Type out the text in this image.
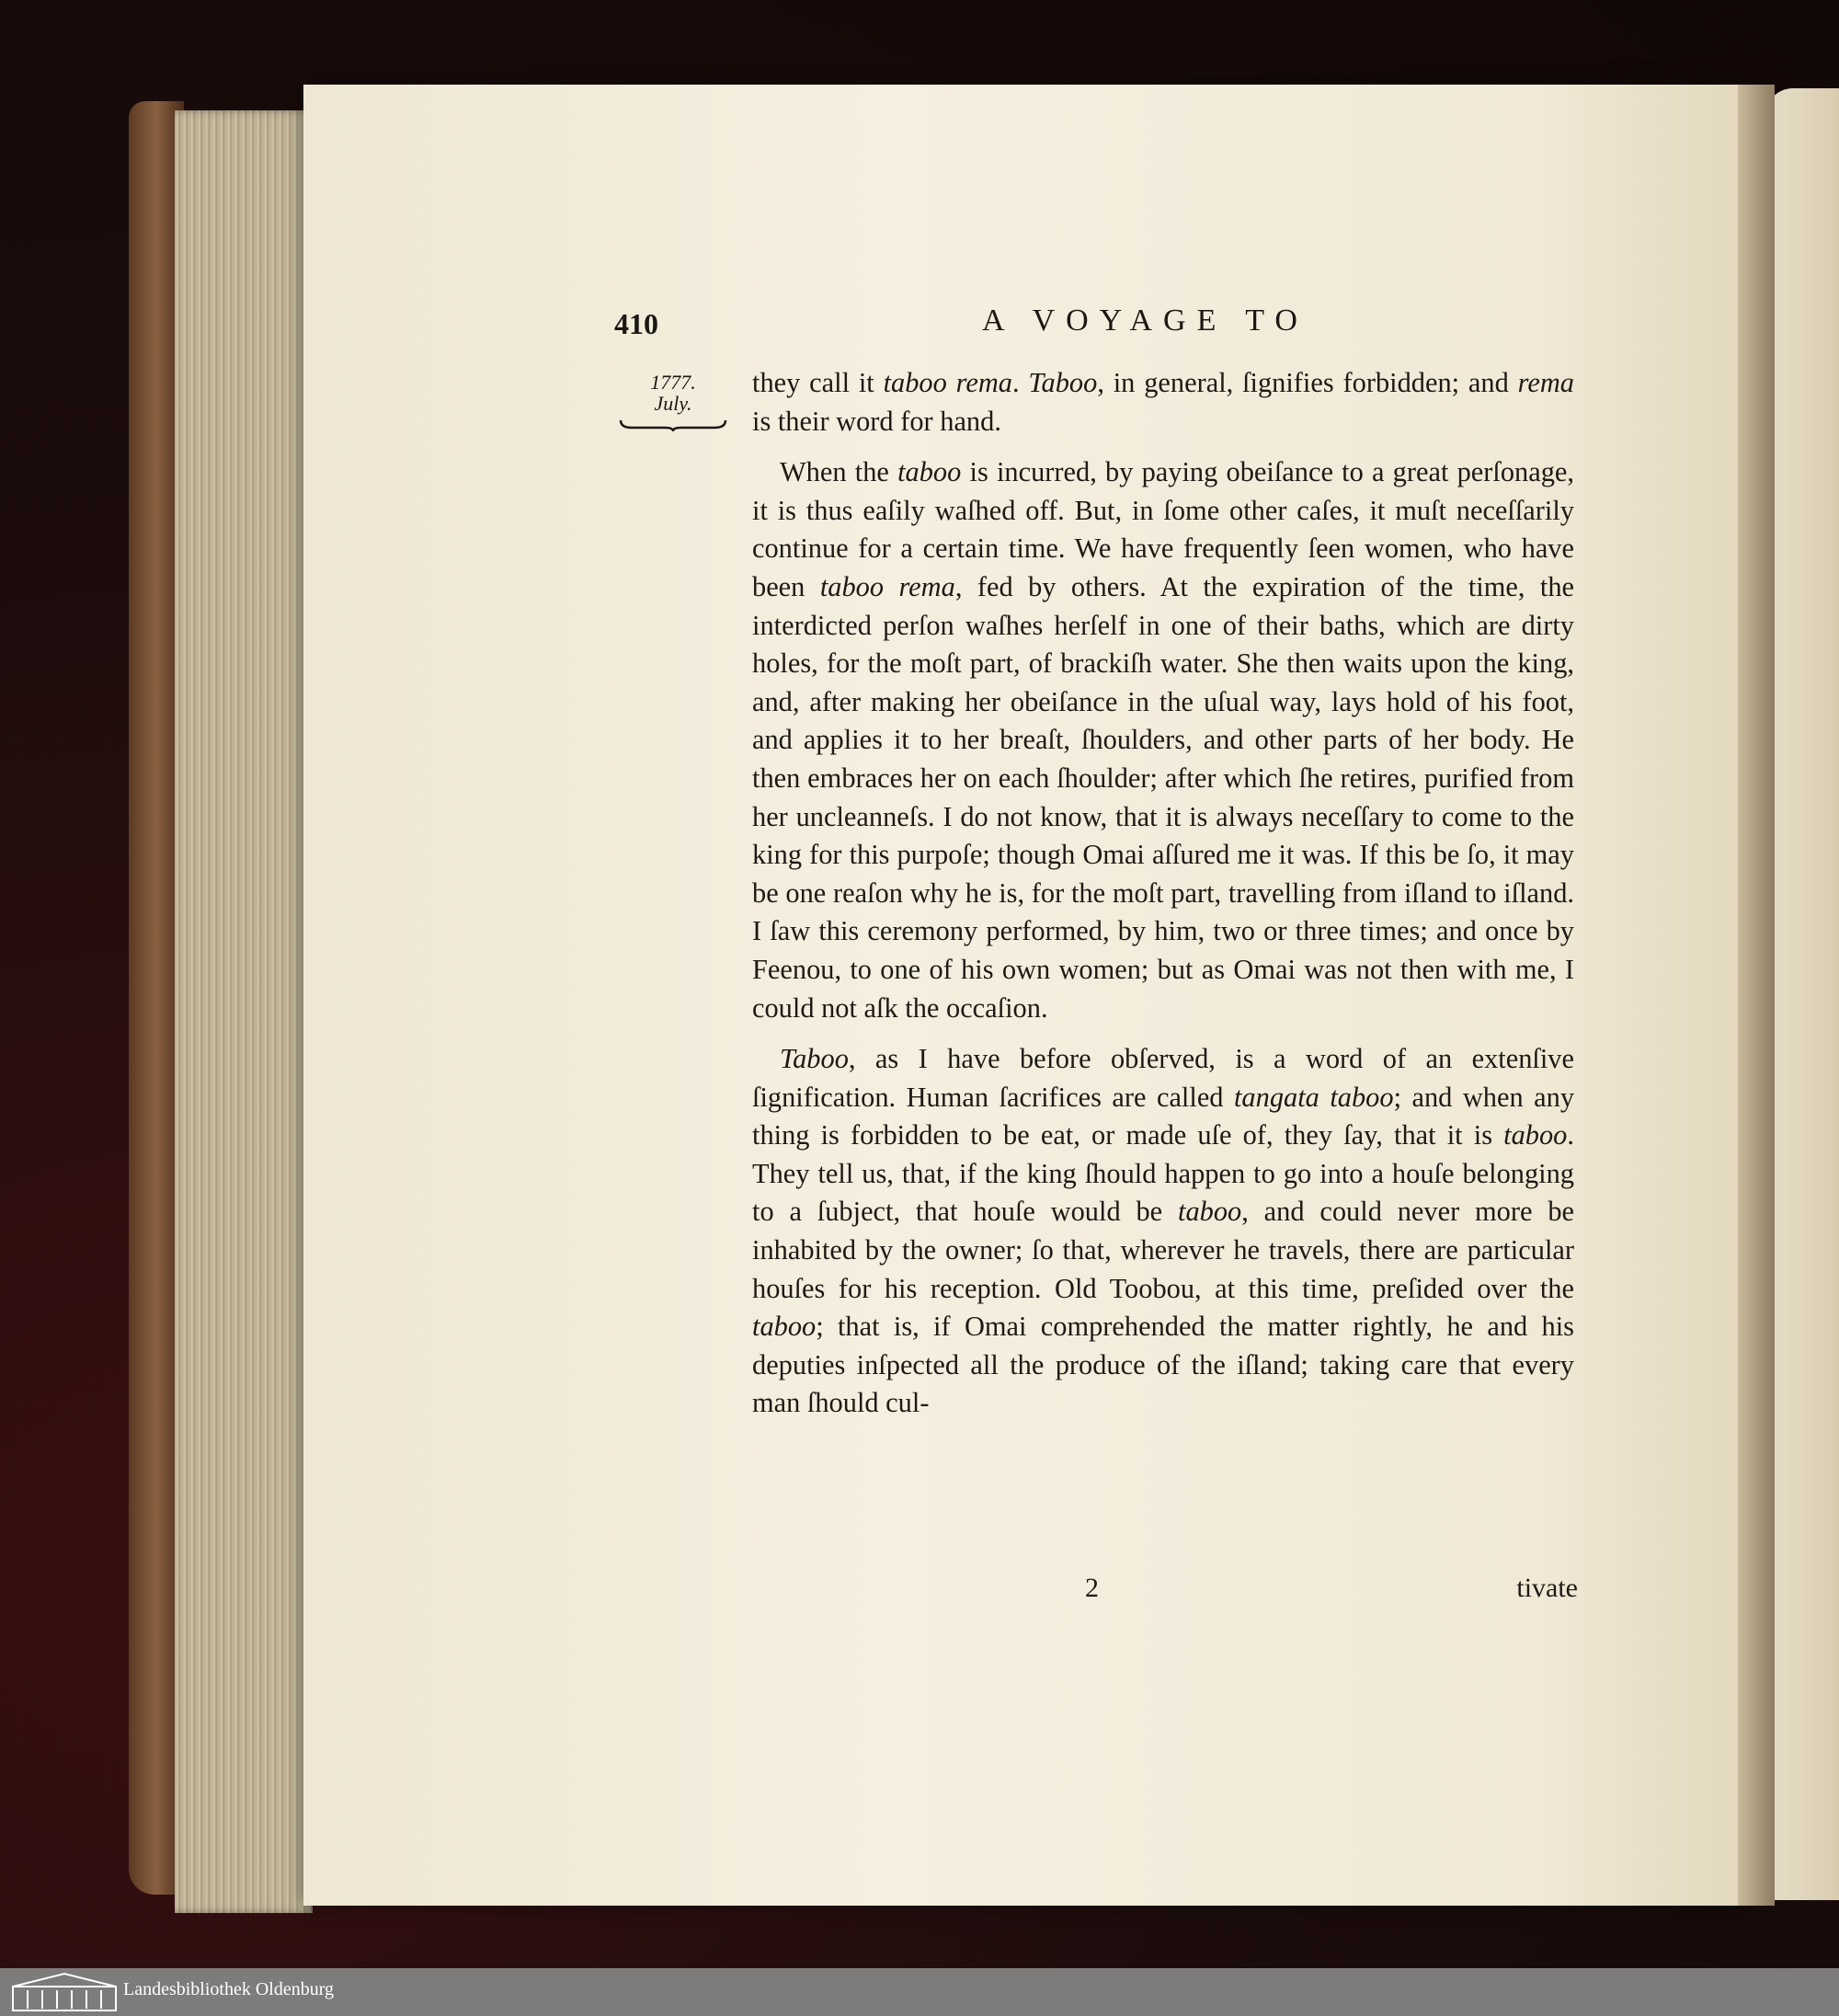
410	A VOYAGE TO
1777.
July.

they call it taboo rema. Taboo, in general, ſignifies forbidden; and rema is their word for hand.

When the taboo is incurred, by paying obeiſance to a great perſonage, it is thus eaſily waſhed off. But, in ſome other caſes, it muſt neceſſarily continue for a certain time. We have frequently ſeen women, who have been taboo rema, fed by others. At the expiration of the time, the interdicted perſon waſhes herſelf in one of their baths, which are dirty holes, for the moſt part, of brackiſh water. She then waits upon the king, and, after making her obeiſance in the uſual way, lays hold of his foot, and applies it to her breaſt, ſhoulders, and other parts of her body. He then embraces her on each ſhoulder; after which ſhe retires, purified from her uncleanneſs. I do not know, that it is always neceſſary to come to the king for this purpoſe; though Omai aſſured me it was. If this be ſo, it may be one reaſon why he is, for the moſt part, travelling from iſland to iſland. I ſaw this ceremony performed, by him, two or three times; and once by Feenou, to one of his own women; but as Omai was not then with me, I could not aſk the occaſion.

Taboo, as I have before obſerved, is a word of an extenſive ſignification. Human ſacrifices are called tangata taboo; and when any thing is forbidden to be eat, or made uſe of, they ſay, that it is taboo. They tell us, that, if the king ſhould happen to go into a houſe belonging to a ſubject, that houſe would be taboo, and could never more be inhabited by the owner; ſo that, wherever he travels, there are particular houſes for his reception. Old Toobou, at this time, preſided over the taboo; that is, if Omai comprehended the matter rightly, he and his deputies inſpected all the produce of the iſland; taking care that every man ſhould cul-

2	tivate
Landesbibliothek Oldenburg
